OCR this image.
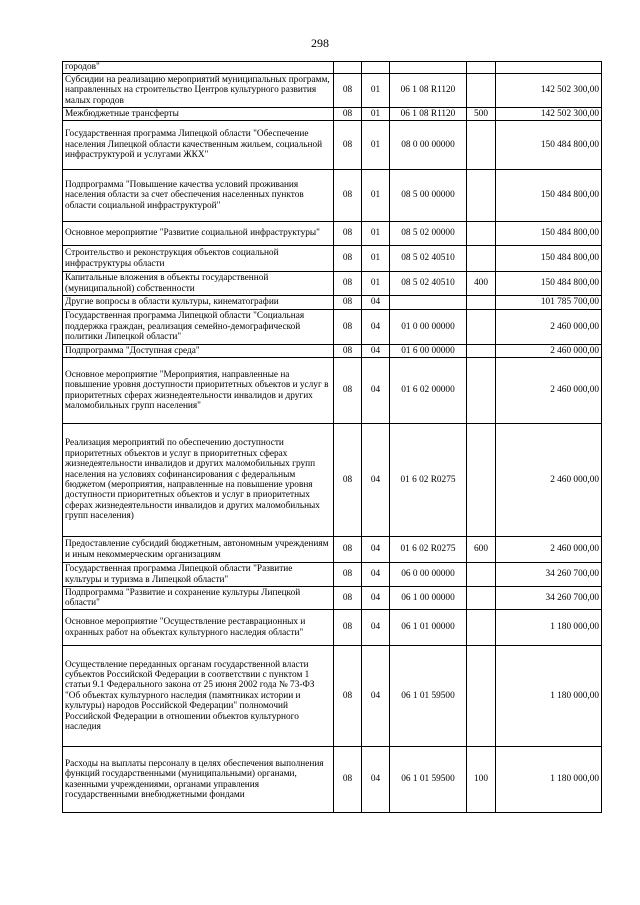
298
городов"					
Субсидии на реализацию мероприятий муниципальных программ, направленных на строительство Центров культурного развития малых городов	08	01	06 1 08 R1120		142 502 300,00
Межбюджетные трансферты	08	01	06 1 08 R1120	500	142 502 300,00
Государственная программа Липецкой области "Обеспечение населения Липецкой области качественным жильем, социальной инфраструктурой и услугами ЖКХ"	08	01	08 0 00 00000		150 484 800,00
Подпрограмма "Повышение качества условий проживания населения области за счет обеспечения населенных пунктов области социальной инфраструктурой"	08	01	08 5 00 00000		150 484 800,00
Основное мероприятие "Развитие социальной инфраструктуры"	08	01	08 5 02 00000		150 484 800,00
Строительство и реконструкция объектов социальной инфраструктуры области	08	01	08 5 02 40510		150 484 800,00
Капитальные вложения в объекты государственной (муниципальной) собственности	08	01	08 5 02 40510	400	150 484 800,00
Другие вопросы в области культуры, кинематографии	08	04			101 785 700,00
Государственная программа Липецкой области "Социальная поддержка граждан, реализация семейно-демографической политики Липецкой области"	08	04	01 0 00 00000		2 460 000,00
Подпрограмма "Доступная среда"	08	04	01 6 00 00000		2 460 000,00
Основное мероприятие "Мероприятия, направленные на повышение уровня доступности приоритетных объектов и услуг в приоритетных сферах жизнедеятельности инвалидов и других маломобильных групп населения"	08	04	01 6 02 00000		2 460 000,00
Реализация мероприятий по обеспечению доступности приоритетных объектов и услуг в приоритетных сферах жизнедеятельности инвалидов и других маломобильных групп населения на условиях софинансирования с федеральным бюджетом (мероприятия, направленные на повышение уровня доступности приоритетных объектов и услуг в приоритетных сферах жизнедеятельности инвалидов и других маломобильных групп населения)	08	04	01 6 02 R0275		2 460 000,00
Предоставление субсидий бюджетным, автономным учреждениям и иным некоммерческим организациям	08	04	01 6 02 R0275	600	2 460 000,00
Государственная программа Липецкой области "Развитие культуры и туризма в Липецкой области"	08	04	06 0 00 00000		34 260 700,00
Подпрограмма "Развитие и сохранение культуры Липецкой области"	08	04	06 1 00 00000		34 260 700,00
Основное мероприятие "Осуществление реставрационных и охранных работ на объектах культурного наследия области"	08	04	06 1 01 00000		1 180 000,00
Осуществление переданных органам государственной власти субъектов Российской Федерации в соответствии с пунктом 1 статьи 9.1 Федерального закона от 25 июня 2002 года № 73-ФЗ "Об объектах культурного наследия (памятниках истории и культуры) народов Российской Федерации" полномочий Российской Федерации в отношении объектов культурного наследия	08	04	06 1 01 59500		1 180 000,00
Расходы на выплаты персоналу в целях обеспечения выполнения функций государственными (муниципальными) органами, казенными учреждениями, органами управления государственными внебюджетными фондами	08	04	06 1 01 59500	100	1 180 000,00
